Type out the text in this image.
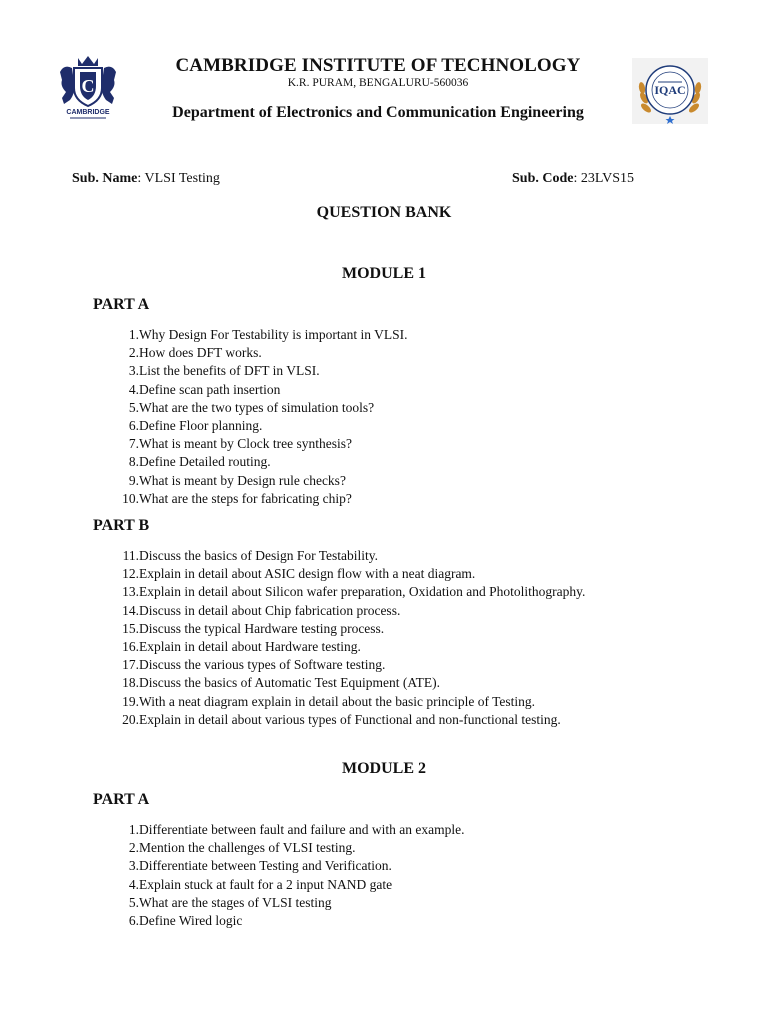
C
CAMBRIDGE
CAMBRIDGE INSTITUTE OF TECHNOLOGY
K.R. PURAM, BENGALURU-560036
Department of Electronics and Communication Engineering
IQAC
Sub. Name: VLSI Testing	Sub. Code: 23LVS15
QUESTION BANK
MODULE 1
PART A
1. Why Design For Testability is important in VLSI.
2. How does DFT works.
3. List the benefits of DFT in VLSI.
4. Define scan path insertion
5. What are the two types of simulation tools?
6. Define Floor planning.
7. What is meant by Clock tree synthesis?
8. Define Detailed routing.
9. What is meant by Design rule checks?
10. What are the steps for fabricating chip?
PART B
11. Discuss the basics of Design For Testability.
12. Explain in detail about ASIC design flow with a neat diagram.
13. Explain in detail about Silicon wafer preparation, Oxidation and Photolithography.
14. Discuss in detail about Chip fabrication process.
15. Discuss the typical Hardware testing process.
16. Explain in detail about Hardware testing.
17. Discuss the various types of Software testing.
18. Discuss the basics of Automatic Test Equipment (ATE).
19. With a neat diagram explain in detail about the basic principle of Testing.
20. Explain in detail about various types of Functional and non-functional testing.
MODULE 2
PART A
1. Differentiate between fault and failure and with an example.
2. Mention the challenges of VLSI testing.
3. Differentiate between Testing and Verification.
4. Explain stuck at fault for a 2 input NAND gate
5. What are the stages of VLSI testing
6. Define Wired logic
